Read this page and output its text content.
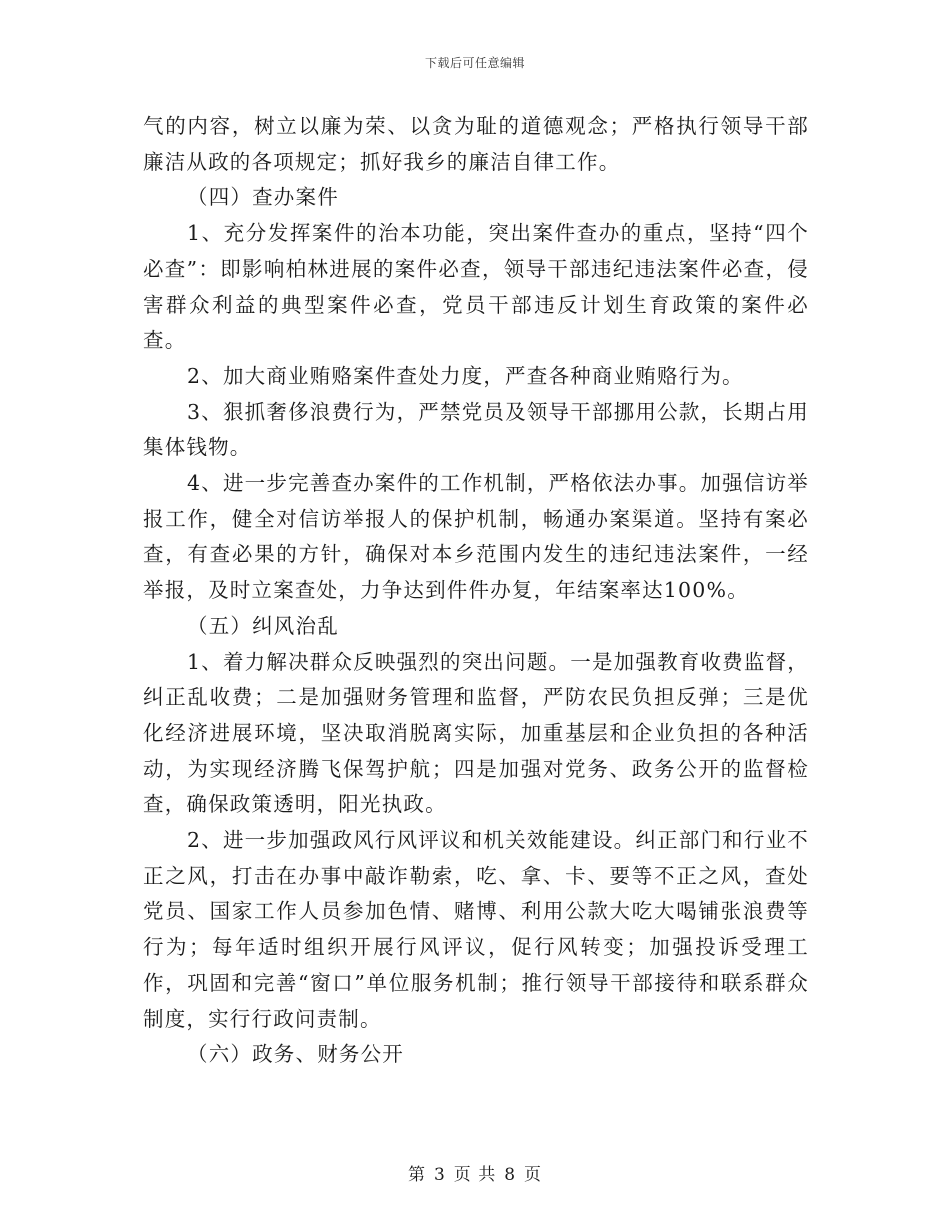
下载后可任意编辑

气的内容，树立以廉为荣、以贪为耻的道德观念；严格执行领导干部廉洁从政的各项规定；抓好我乡的廉洁自律工作。

（四）查办案件

1、充分发挥案件的治本功能，突出案件查办的重点，坚持“四个必查”：即影响柏林进展的案件必查，领导干部违纪违法案件必查，侵害群众利益的典型案件必查，党员干部违反计划生育政策的案件必查。

2、加大商业贿赂案件查处力度，严查各种商业贿赂行为。

3、狠抓奢侈浪费行为，严禁党员及领导干部挪用公款，长期占用集体钱物。

4、进一步完善查办案件的工作机制，严格依法办事。加强信访举报工作，健全对信访举报人的保护机制，畅通办案渠道。坚持有案必查，有查必果的方针，确保对本乡范围内发生的违纪违法案件，一经举报，及时立案查处，力争达到件件办复，年结案率达100%。

（五）纠风治乱

1、着力解决群众反映强烈的突出问题。一是加强教育收费监督，纠正乱收费；二是加强财务管理和监督，严防农民负担反弹；三是优化经济进展环境，坚决取消脱离实际，加重基层和企业负担的各种活动，为实现经济腾飞保驾护航；四是加强对党务、政务公开的监督检查，确保政策透明，阳光执政。

2、进一步加强政风行风评议和机关效能建设。纠正部门和行业不正之风，打击在办事中敲诈勒索，吃、拿、卡、要等不正之风，查处党员、国家工作人员参加色情、赌博、利用公款大吃大喝铺张浪费等行为；每年适时组织开展行风评议，促行风转变；加强投诉受理工作，巩固和完善“窗口”单位服务机制；推行领导干部接待和联系群众制度，实行行政问责制。

（六）政务、财务公开

第 3 页 共 8 页
